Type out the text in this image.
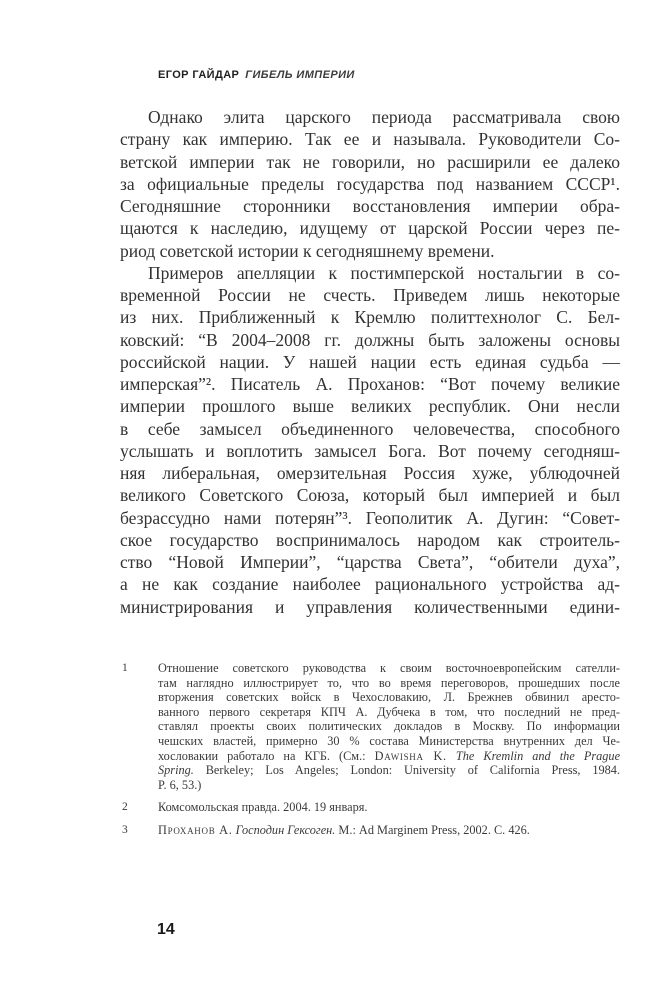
ЕГОР ГАЙДАР ГИБЕЛЬ ИМПЕРИИ
Однако элита царского периода рассматривала свою
страну как империю. Так ее и называла. Руководители Со-
ветской империи так не говорили, но расширили ее далеко
за официальные пределы государства под названием СССР¹.
Сегодняшние сторонники восстановления империи обра-
щаются к наследию, идущему от царской России через пе-
риод советской истории к сегодняшнему времени.
Примеров апелляции к постимперской ностальгии в со-
временной России не счесть. Приведем лишь некоторые
из них. Приближенный к Кремлю политтехнолог С. Бел-
ковский: “В 2004–2008 гг. должны быть заложены основы
российской нации. У нашей нации есть единая судьба —
имперская”². Писатель А. Проханов: “Вот почему великие
империи прошлого выше великих республик. Они несли
в себе замысел объединенного человечества, способного
услышать и воплотить замысел Бога. Вот почему сегодняш-
няя либеральная, омерзительная Россия хуже, ублюдочней
великого Советского Союза, который был империей и был
безрассудно нами потерян”³. Геополитик А. Дугин: “Совет-
ское государство воспринималось народом как строитель-
ство “Новой Империи”, “царства Света”, “обители духа”,
а не как создание наиболее рационального устройства ад-
министрирования и управления количественными едини-
1	Отношение советского руководства к своим восточноевропейским сателли-
там наглядно иллюстрирует то, что во время переговоров, прошедших после
вторжения советских войск в Чехословакию, Л. Брежнев обвинил аресто-
ванного первого секретаря КПЧ А. Дубчека в том, что последний не пред-
ставлял проекты своих политических докладов в Москву. По информации
чешских властей, примерно 30 % состава Министерства внутренних дел Че-
хословакии работало на КГБ. (См.: Dawisha K. The Kremlin and the Prague
Spring. Berkeley; Los Angeles; London: University of California Press, 1984.
P. 6, 53.)
2	Комсомольская правда. 2004. 19 января.
3	Проханов А. Господин Гексоген. М.: Ad Marginem Press, 2002. С. 426.
14
